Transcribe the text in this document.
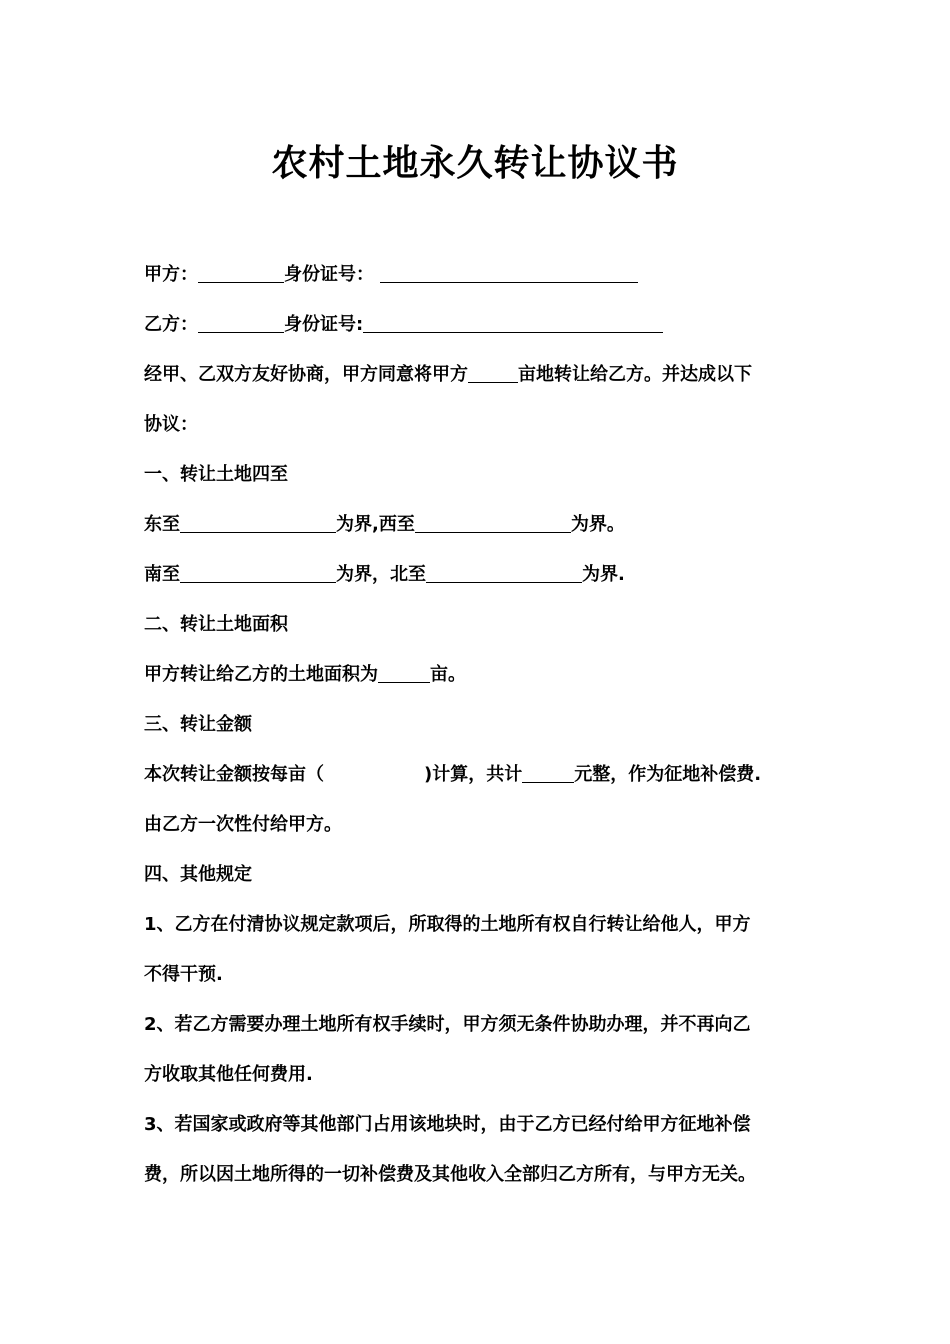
农村土地永久转让协议书
甲方：	身份证号：
乙方：	身份证号:
经甲、乙双方友好协商，甲方同意将甲方	亩地转让给乙方。并达成以下
协议：
一、转让土地四至
东至	为界,西至	为界。
南至	为界，北至	为界.
二、转让土地面积
甲方转让给乙方的土地面积为	亩。
三、转让金额
本次转让金额按每亩（	)计算，共计	元整，作为征地补偿费.
由乙方一次性付给甲方。
四、其他规定
1、乙方在付清协议规定款项后，所取得的土地所有权自行转让给他人，甲方
不得干预.
2、若乙方需要办理土地所有权手续时，甲方须无条件协助办理，并不再向乙
方收取其他任何费用.
3、若国家或政府等其他部门占用该地块时，由于乙方已经付给甲方征地补偿
费，所以因土地所得的一切补偿费及其他收入全部归乙方所有，与甲方无关。
